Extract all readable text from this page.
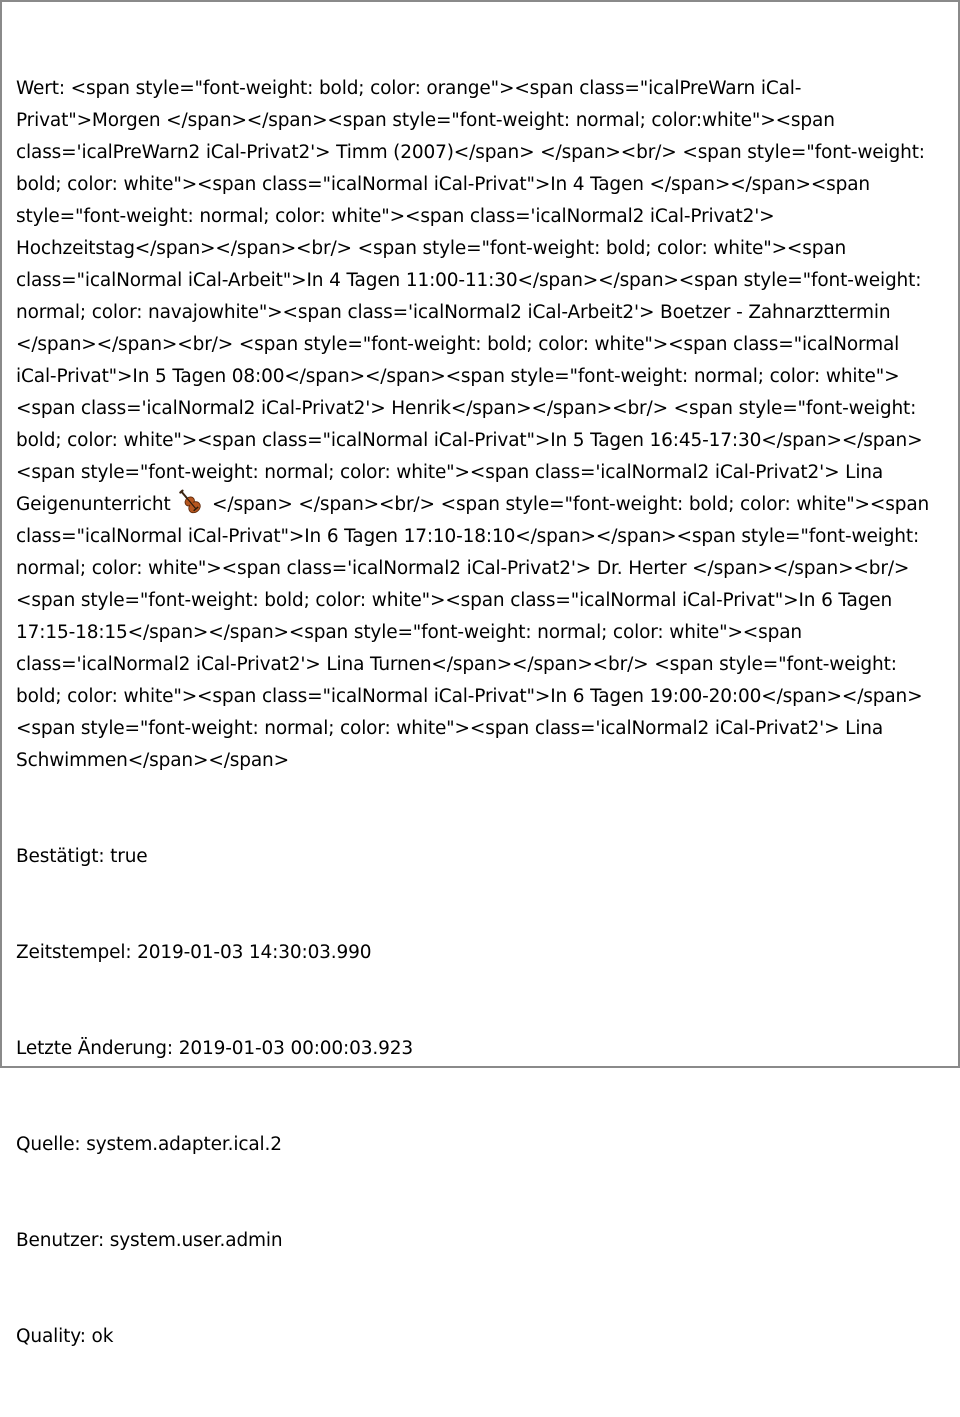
Wert: <span style="font-weight: bold; color: orange"><span class="icalPreWarn iCal-Privat">Morgen </span></span><span style="font-weight: normal; color:white"><span class='icalPreWarn2 iCal-Privat2'> Timm (2007)</span> </span><br/> <span style="font-weight: bold; color: white"><span class="icalNormal iCal-Privat">In 4 Tagen </span></span><span style="font-weight: normal; color: white"><span class='icalNormal2 iCal-Privat2'> Hochzeitstag</span></span><br/> <span style="font-weight: bold; color: white"><span class="icalNormal iCal-Arbeit">In 4 Tagen 11:00-11:30</span></span><span style="font-weight: normal; color: navajowhite"><span class='icalNormal2 iCal-Arbeit2'> Boetzer - Zahnarzttermin </span></span><br/> <span style="font-weight: bold; color: white"><span class="icalNormal iCal-Privat">In 5 Tagen 08:00</span></span><span style="font-weight: normal; color: white"><span class='icalNormal2 iCal-Privat2'> Henrik</span></span><br/> <span style="font-weight: bold; color: white"><span class="icalNormal iCal-Privat">In 5 Tagen 16:45-17:30</span></span><span style="font-weight: normal; color: white"><span class='icalNormal2 iCal-Privat2'> Lina Geigenunterricht  </span> </span><br/> <span style="font-weight: bold; color: white"><span class="icalNormal iCal-Privat">In 6 Tagen 17:10-18:10</span></span><span style="font-weight: normal; color: white"><span class='icalNormal2 iCal-Privat2'> Dr. Herter </span></span><br/> <span style="font-weight: bold; color: white"><span class="icalNormal iCal-Privat">In 6 Tagen 17:15-18:15</span></span><span style="font-weight: normal; color: white"><span class='icalNormal2 iCal-Privat2'> Lina Turnen</span></span><br/> <span style="font-weight: bold; color: white"><span class="icalNormal iCal-Privat">In 6 Tagen 19:00-20:00</span></span><span style="font-weight: normal; color: white"><span class='icalNormal2 iCal-Privat2'> Lina Schwimmen</span></span>

Bestätigt: true

Zeitstempel: 2019-01-03 14:30:03.990

Letzte Änderung: 2019-01-03 00:00:03.923

Quelle: system.adapter.ical.2

Benutzer: system.user.admin

Quality: ok
